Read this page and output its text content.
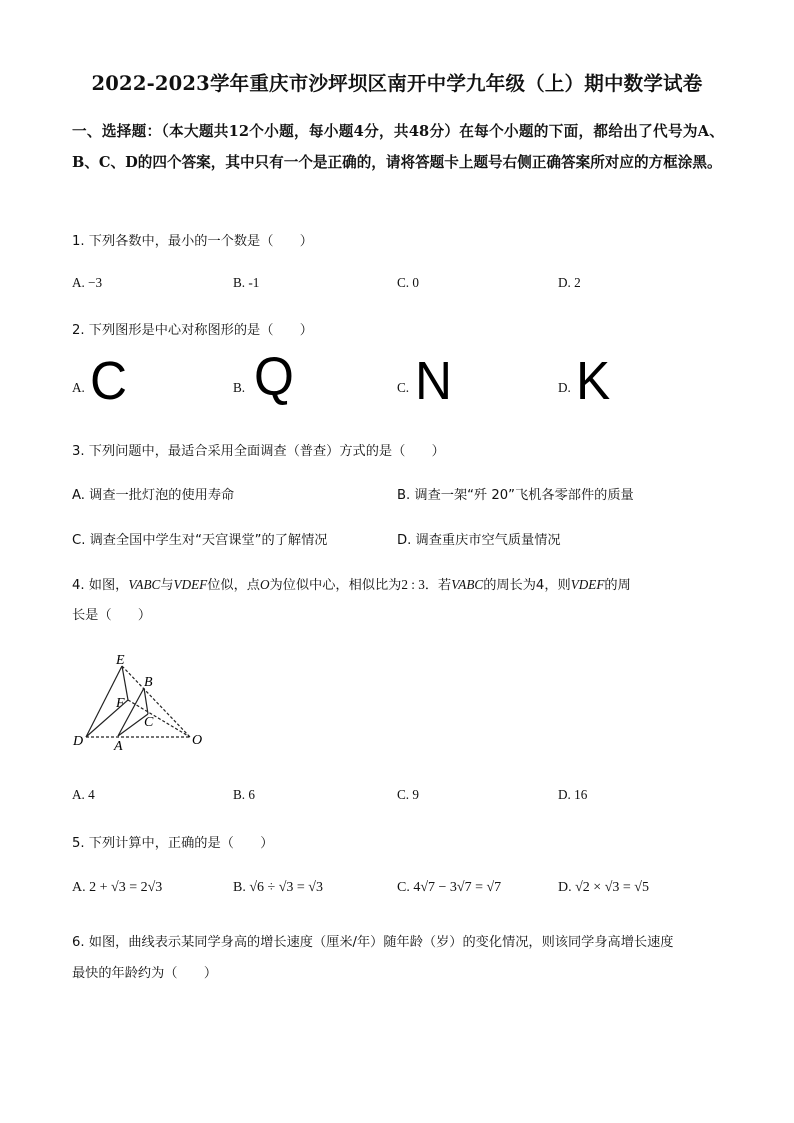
2022-2023学年重庆市沙坪坝区南开中学九年级（上）期中数学试卷
一、选择题：（本大题共12个小题，每小题4分，共48分）在每个小题的下面，都给出了代号为A、B、C、D的四个答案，其中只有一个是正确的，请将答题卡上题号右侧正确答案所对应的方框涂黑。
1. 下列各数中，最小的一个数是（　　）
A. −3	B. -1	C. 0	D. 2
2. 下列图形是中心对称图形的是（　　）
A. C	B. Q	C. N	D. K
3. 下列问题中，最适合采用全面调查（普查）方式的是（　　）
A. 调查一批灯泡的使用寿命	B. 调查一架“歼 20”飞机各零部件的质量
C. 调查全国中学生对“天宫课堂”的了解情况	D. 调查重庆市空气质量情况
4. 如图，VABC与VDEF位似，点O为位似中心，相似比为2 : 3．若VABC的周长为4，则VDEF的周
长是（　　）
E
B
F
C
D A	O
A. 4	B. 6	C. 9	D. 16
5. 下列计算中，正确的是（　　）
A. 2 + √3 = 2√3	B. √6 ÷ √3 = √3	C. 4√7 − 3√7 = √7	D. √2 × √3 = √5
6. 如图，曲线表示某同学身高的增长速度（厘米/年）随年龄（岁）的变化情况，则该同学身高增长速度
最快的年龄约为（　　）
